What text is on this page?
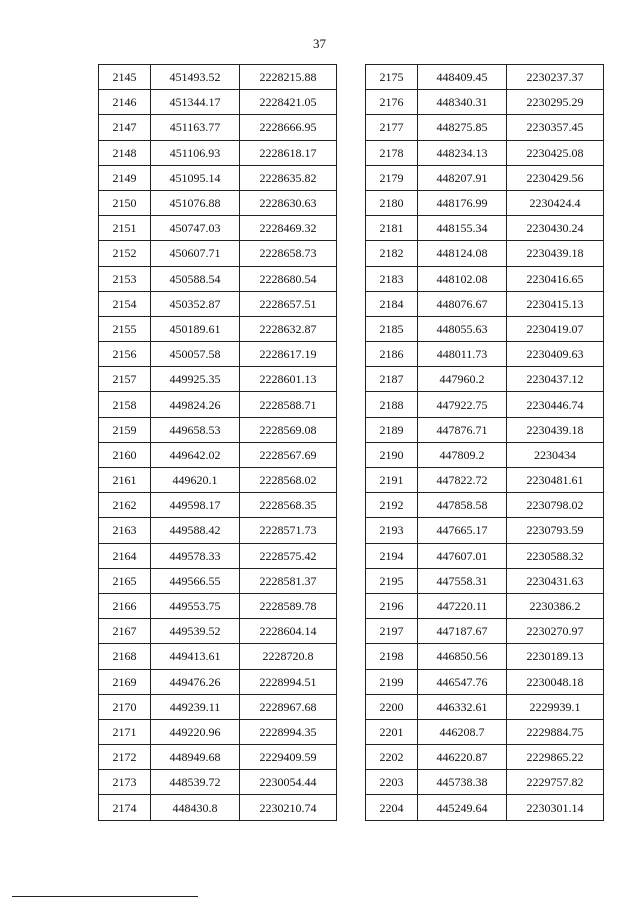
37
2145	451493.52	2228215.88
2146	451344.17	2228421.05
2147	451163.77	2228666.95
2148	451106.93	2228618.17
2149	451095.14	2228635.82
2150	451076.88	2228630.63
2151	450747.03	2228469.32
2152	450607.71	2228658.73
2153	450588.54	2228680.54
2154	450352.87	2228657.51
2155	450189.61	2228632.87
2156	450057.58	2228617.19
2157	449925.35	2228601.13
2158	449824.26	2228588.71
2159	449658.53	2228569.08
2160	449642.02	2228567.69
2161	449620.1	2228568.02
2162	449598.17	2228568.35
2163	449588.42	2228571.73
2164	449578.33	2228575.42
2165	449566.55	2228581.37
2166	449553.75	2228589.78
2167	449539.52	2228604.14
2168	449413.61	2228720.8
2169	449476.26	2228994.51
2170	449239.11	2228967.68
2171	449220.96	2228994.35
2172	448949.68	2229409.59
2173	448539.72	2230054.44
2174	448430.8	2230210.74
2175	448409.45	2230237.37
2176	448340.31	2230295.29
2177	448275.85	2230357.45
2178	448234.13	2230425.08
2179	448207.91	2230429.56
2180	448176.99	2230424.4
2181	448155.34	2230430.24
2182	448124.08	2230439.18
2183	448102.08	2230416.65
2184	448076.67	2230415.13
2185	448055.63	2230419.07
2186	448011.73	2230409.63
2187	447960.2	2230437.12
2188	447922.75	2230446.74
2189	447876.71	2230439.18
2190	447809.2	2230434
2191	447822.72	2230481.61
2192	447858.58	2230798.02
2193	447665.17	2230793.59
2194	447607.01	2230588.32
2195	447558.31	2230431.63
2196	447220.11	2230386.2
2197	447187.67	2230270.97
2198	446850.56	2230189.13
2199	446547.76	2230048.18
2200	446332.61	2229939.1
2201	446208.7	2229884.75
2202	446220.87	2229865.22
2203	445738.38	2229757.82
2204	445249.64	2230301.14
